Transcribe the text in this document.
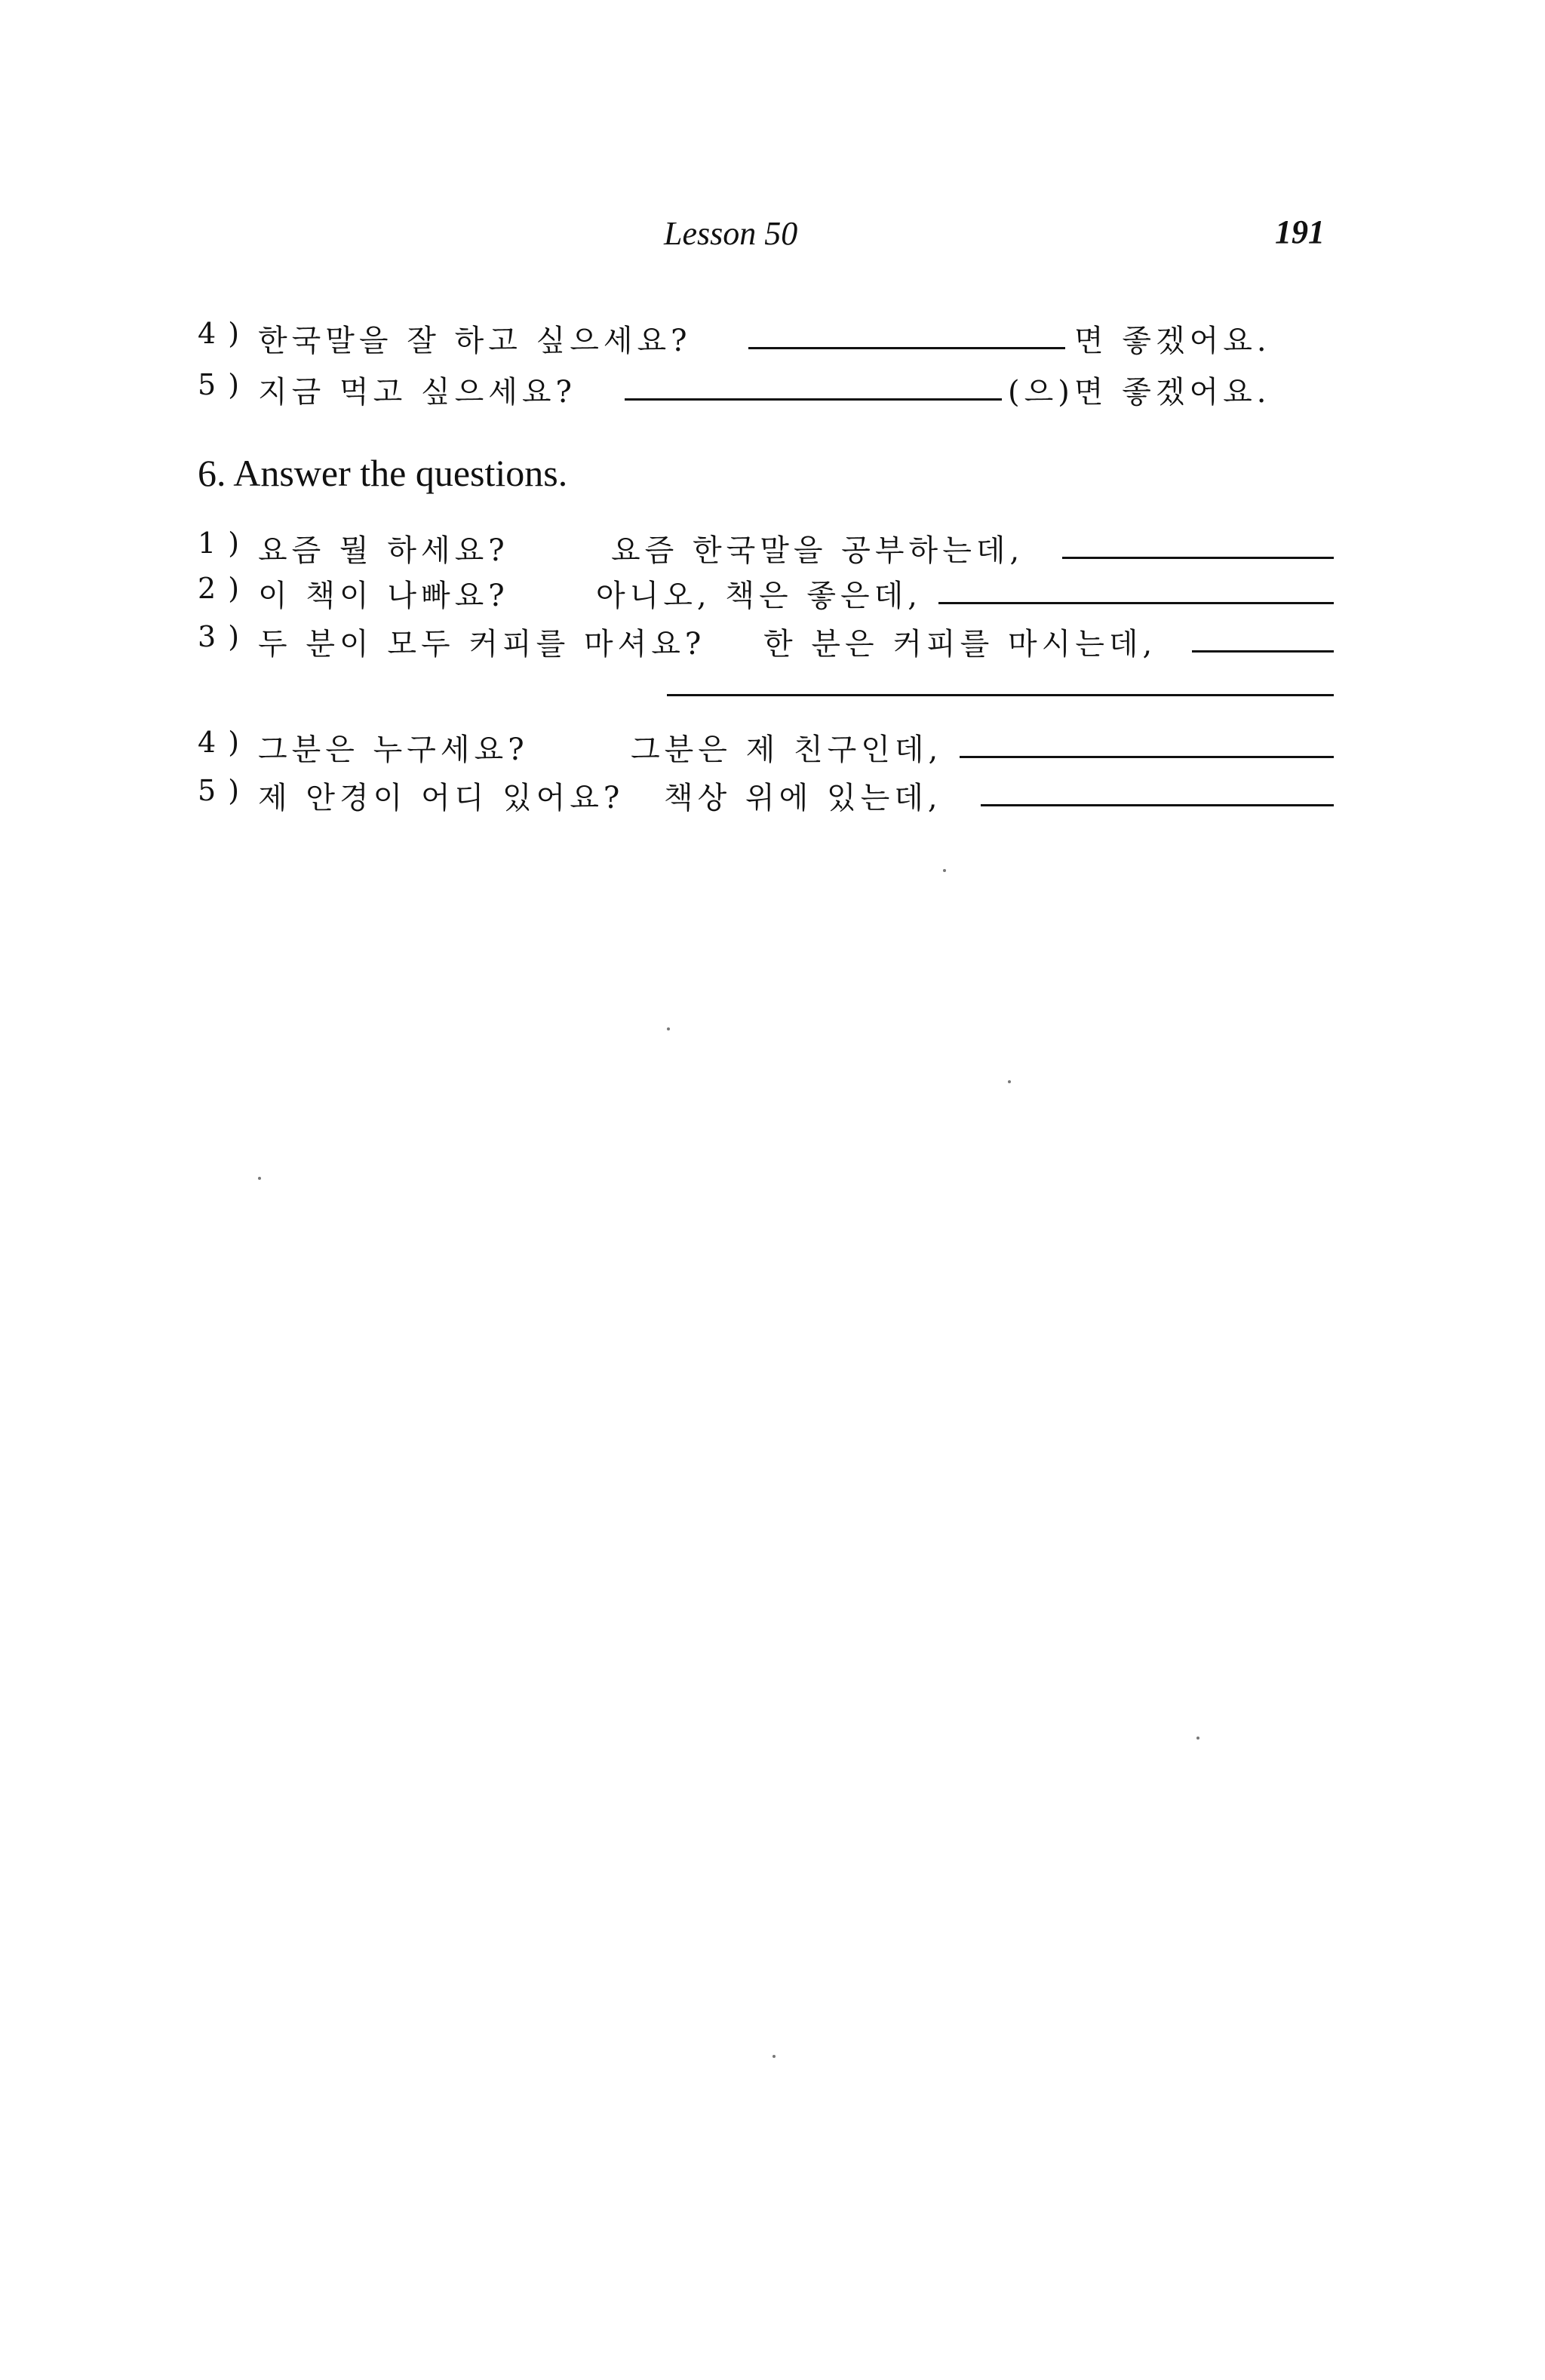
Lesson 50	191
4 ) 한국말을 잘 하고 싶으세요?	면 좋겠어요.
5 ) 지금 먹고 싶으세요?	(으)면 좋겠어요.
6. Answer the questions.
1 ) 요즘 뭘 하세요?	요즘 한국말을 공부하는데,
2 ) 이 책이 나빠요?	아니오, 책은 좋은데,
3 ) 두 분이 모두 커피를 마셔요? 한 분은 커피를 마시는데,
4 ) 그분은 누구세요?	그분은 제 친구인데,
5 ) 제 안경이 어디 있어요? 책상 위에 있는데,
